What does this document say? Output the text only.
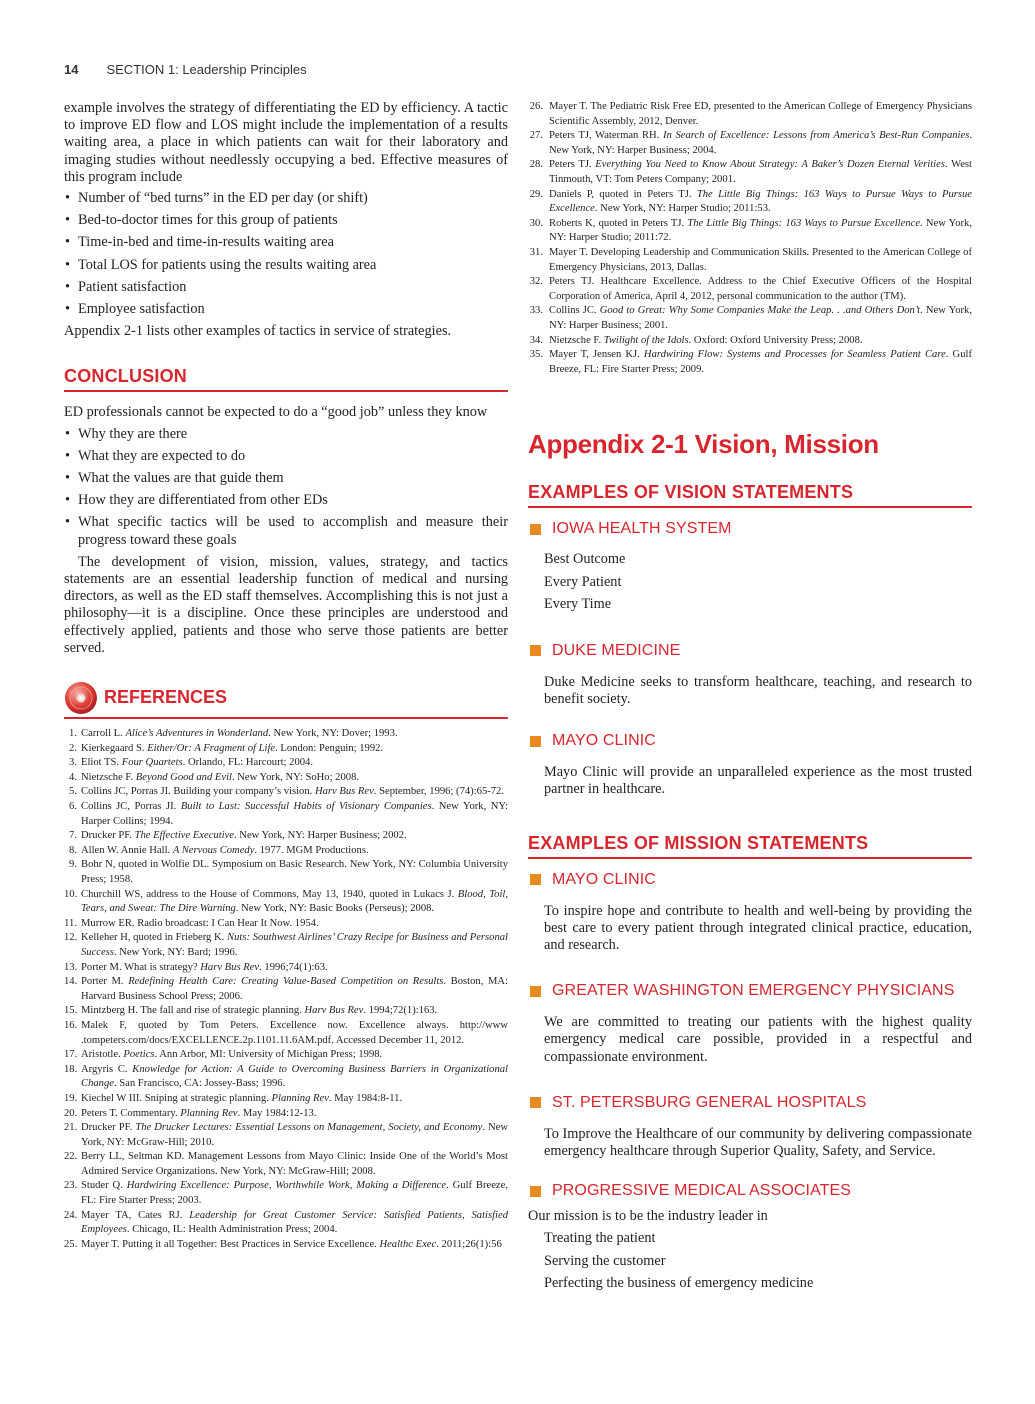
14 SECTION 1: Leadership Principles

example involves the strategy of differentiating the ED by efficiency. A tactic to improve ED flow and LOS might include the implementation of a results waiting area, a place in which patients can wait for their laboratory and imaging studies without needlessly occupying a bed. Effective measures of this program include

• Number of “bed turns” in the ED per day (or shift)
• Bed-to-doctor times for this group of patients
• Time-in-bed and time-in-results waiting area
• Total LOS for patients using the results waiting area
• Patient satisfaction
• Employee satisfaction

Appendix 2-1 lists other examples of tactics in service of strategies.

CONCLUSION

ED professionals cannot be expected to do a “good job” unless they know

• Why they are there
• What they are expected to do
• What the values are that guide them
• How they are differentiated from other EDs
• What specific tactics will be used to accomplish and measure their progress toward these goals

The development of vision, mission, values, strategy, and tactics statements are an essential leadership function of medical and nursing directors, as well as the ED staff themselves. Accomplishing this is not just a philosophy—it is a discipline. Once these principles are understood and effectively applied, patients and those who serve those patients are better served.

REFERENCES
1. Carroll L. Alice’s Adventures in Wonderland. New York, NY: Dover; 1993.
2. Kierkegaard S. Either/Or: A Fragment of Life. London: Penguin; 1992.
3. Eliot TS. Four Quartets. Orlando, FL: Harcourt; 2004.
4. Nietzsche F. Beyond Good and Evil. New York, NY: SoHo; 2008.
5. Collins JC, Porras JI. Building your company’s vision. Harv Bus Rev. September, 1996; (74):65-72.
6. Collins JC, Porras JI. Built to Last: Successful Habits of Visionary Companies. New York, NY: Harper Collins; 1994.
7. Drucker PF. The Effective Executive. New York, NY: Harper Business; 2002.
8. Allen W. Annie Hall. A Nervous Comedy. 1977. MGM Productions.
9. Bohr N, quoted in Wolfie DL. Symposium on Basic Research. New York, NY: Columbia University Press; 1958.
10. Churchill WS, address to the House of Commons, May 13, 1940, quoted in Lukacs J. Blood, Toil, Tears, and Sweat: The Dire Warning. New York, NY: Basic Books (Perseus); 2008.
11. Murrow ER. Radio broadcast: I Can Hear It Now. 1954.
12. Kelleher H, quoted in Frieberg K. Nuts: Southwest Airlines’ Crazy Recipe for Business and Personal Success. New York, NY: Bard; 1996.
13. Porter M. What is strategy? Harv Bus Rev. 1996;74(1):63.
14. Porter M. Redefining Health Care: Creating Value-Based Competition on Results. Boston, MA: Harvard Business School Press; 2006.
15. Mintzberg H. The fall and rise of strategic planning. Harv Bus Rev. 1994;72(1):163.
16. Malek F, quoted by Tom Peters. Excellence now. Excellence always. http://www .tompeters.com/docs/EXCELLENCE.2p.1101.11.6AM.pdf. Accessed December 11, 2012.
17. Aristotle. Poetics. Ann Arbor, MI: University of Michigan Press; 1998.
18. Argyris C. Knowledge for Action: A Guide to Overcoming Business Barriers in Organizational Change. San Francisco, CA: Jossey-Bass; 1996.
19. Kiechel W III. Sniping at strategic planning. Planning Rev. May 1984:8-11.
20. Peters T. Commentary. Planning Rev. May 1984:12-13.
21. Drucker PF. The Drucker Lectures: Essential Lessons on Management, Society, and Economy. New York, NY: McGraw-Hill; 2010.
22. Berry LL, Seltman KD. Management Lessons from Mayo Clinic: Inside One of the World’s Most Admired Service Organizations. New York, NY: McGraw-Hill; 2008.
23. Studer Q. Hardwiring Excellence: Purpose, Worthwhile Work, Making a Difference. Gulf Breeze, FL: Fire Starter Press; 2003.
24. Mayer TA, Cates RJ. Leadership for Great Customer Service: Satisfied Patients, Satisfied Employees. Chicago, IL: Health Administration Press; 2004.
25. Mayer T. Putting it all Together: Best Practices in Service Excellence. Healthc Exec. 2011;26(1):56
26. Mayer T. The Pediatric Risk Free ED, presented to the American College of Emergency Physicians Scientific Assembly, 2012, Denver.
27. Peters TJ, Waterman RH. In Search of Excellence: Lessons from America’s Best-Run Companies. New York, NY: Harper Business; 2004.
28. Peters TJ. Everything You Need to Know About Strategy: A Baker’s Dozen Eternal Verities. West Tinmouth, VT: Tom Peters Company; 2001.
29. Daniels P, quoted in Peters TJ. The Little Big Things: 163 Ways to Pursue Ways to Pursue Excellence. New York, NY: Harper Studio; 2011:53.
30. Roberts K, quoted in Peters TJ. The Little Big Things: 163 Ways to Pursue Excellence. New York, NY: Harper Studio; 2011:72.
31. Mayer T. Developing Leadership and Communication Skills. Presented to the American College of Emergency Physicians, 2013, Dallas.
32. Peters TJ. Healthcare Excellence. Address to the Chief Executive Officers of the Hospital Corporation of America, April 4, 2012, personal communication to the author (TM).
33. Collins JC. Good to Great: Why Some Companies Make the Leap. . .and Others Don’t. New York, NY: Harper Business; 2001.
34. Nietzsche F. Twilight of the Idols. Oxford: Oxford University Press; 2008.
35. Mayer T, Jensen KJ. Hardwiring Flow: Systems and Processes for Seamless Patient Care. Gulf Breeze, FL: Fire Starter Press; 2009.
Appendix 2-1 Vision, Mission
EXAMPLES OF VISION STATEMENTS
IOWA HEALTH SYSTEM
Best Outcome
Every Patient
Every Time
DUKE MEDICINE
Duke Medicine seeks to transform healthcare, teaching, and research to benefit society.
MAYO CLINIC
Mayo Clinic will provide an unparalleled experience as the most trusted partner in healthcare.
EXAMPLES OF MISSION STATEMENTS
MAYO CLINIC
To inspire hope and contribute to health and well-being by providing the best care to every patient through integrated clinical practice, education, and research.
GREATER WASHINGTON EMERGENCY PHYSICIANS
We are committed to treating our patients with the highest quality emergency medical care possible, provided in a respectful and compassionate environment.
ST. PETERSBURG GENERAL HOSPITALS
To Improve the Healthcare of our community by delivering compassionate emergency healthcare through Superior Quality, Safety, and Service.
PROGRESSIVE MEDICAL ASSOCIATES
Our mission is to be the industry leader in
Treating the patient
Serving the customer
Perfecting the business of emergency medicine
